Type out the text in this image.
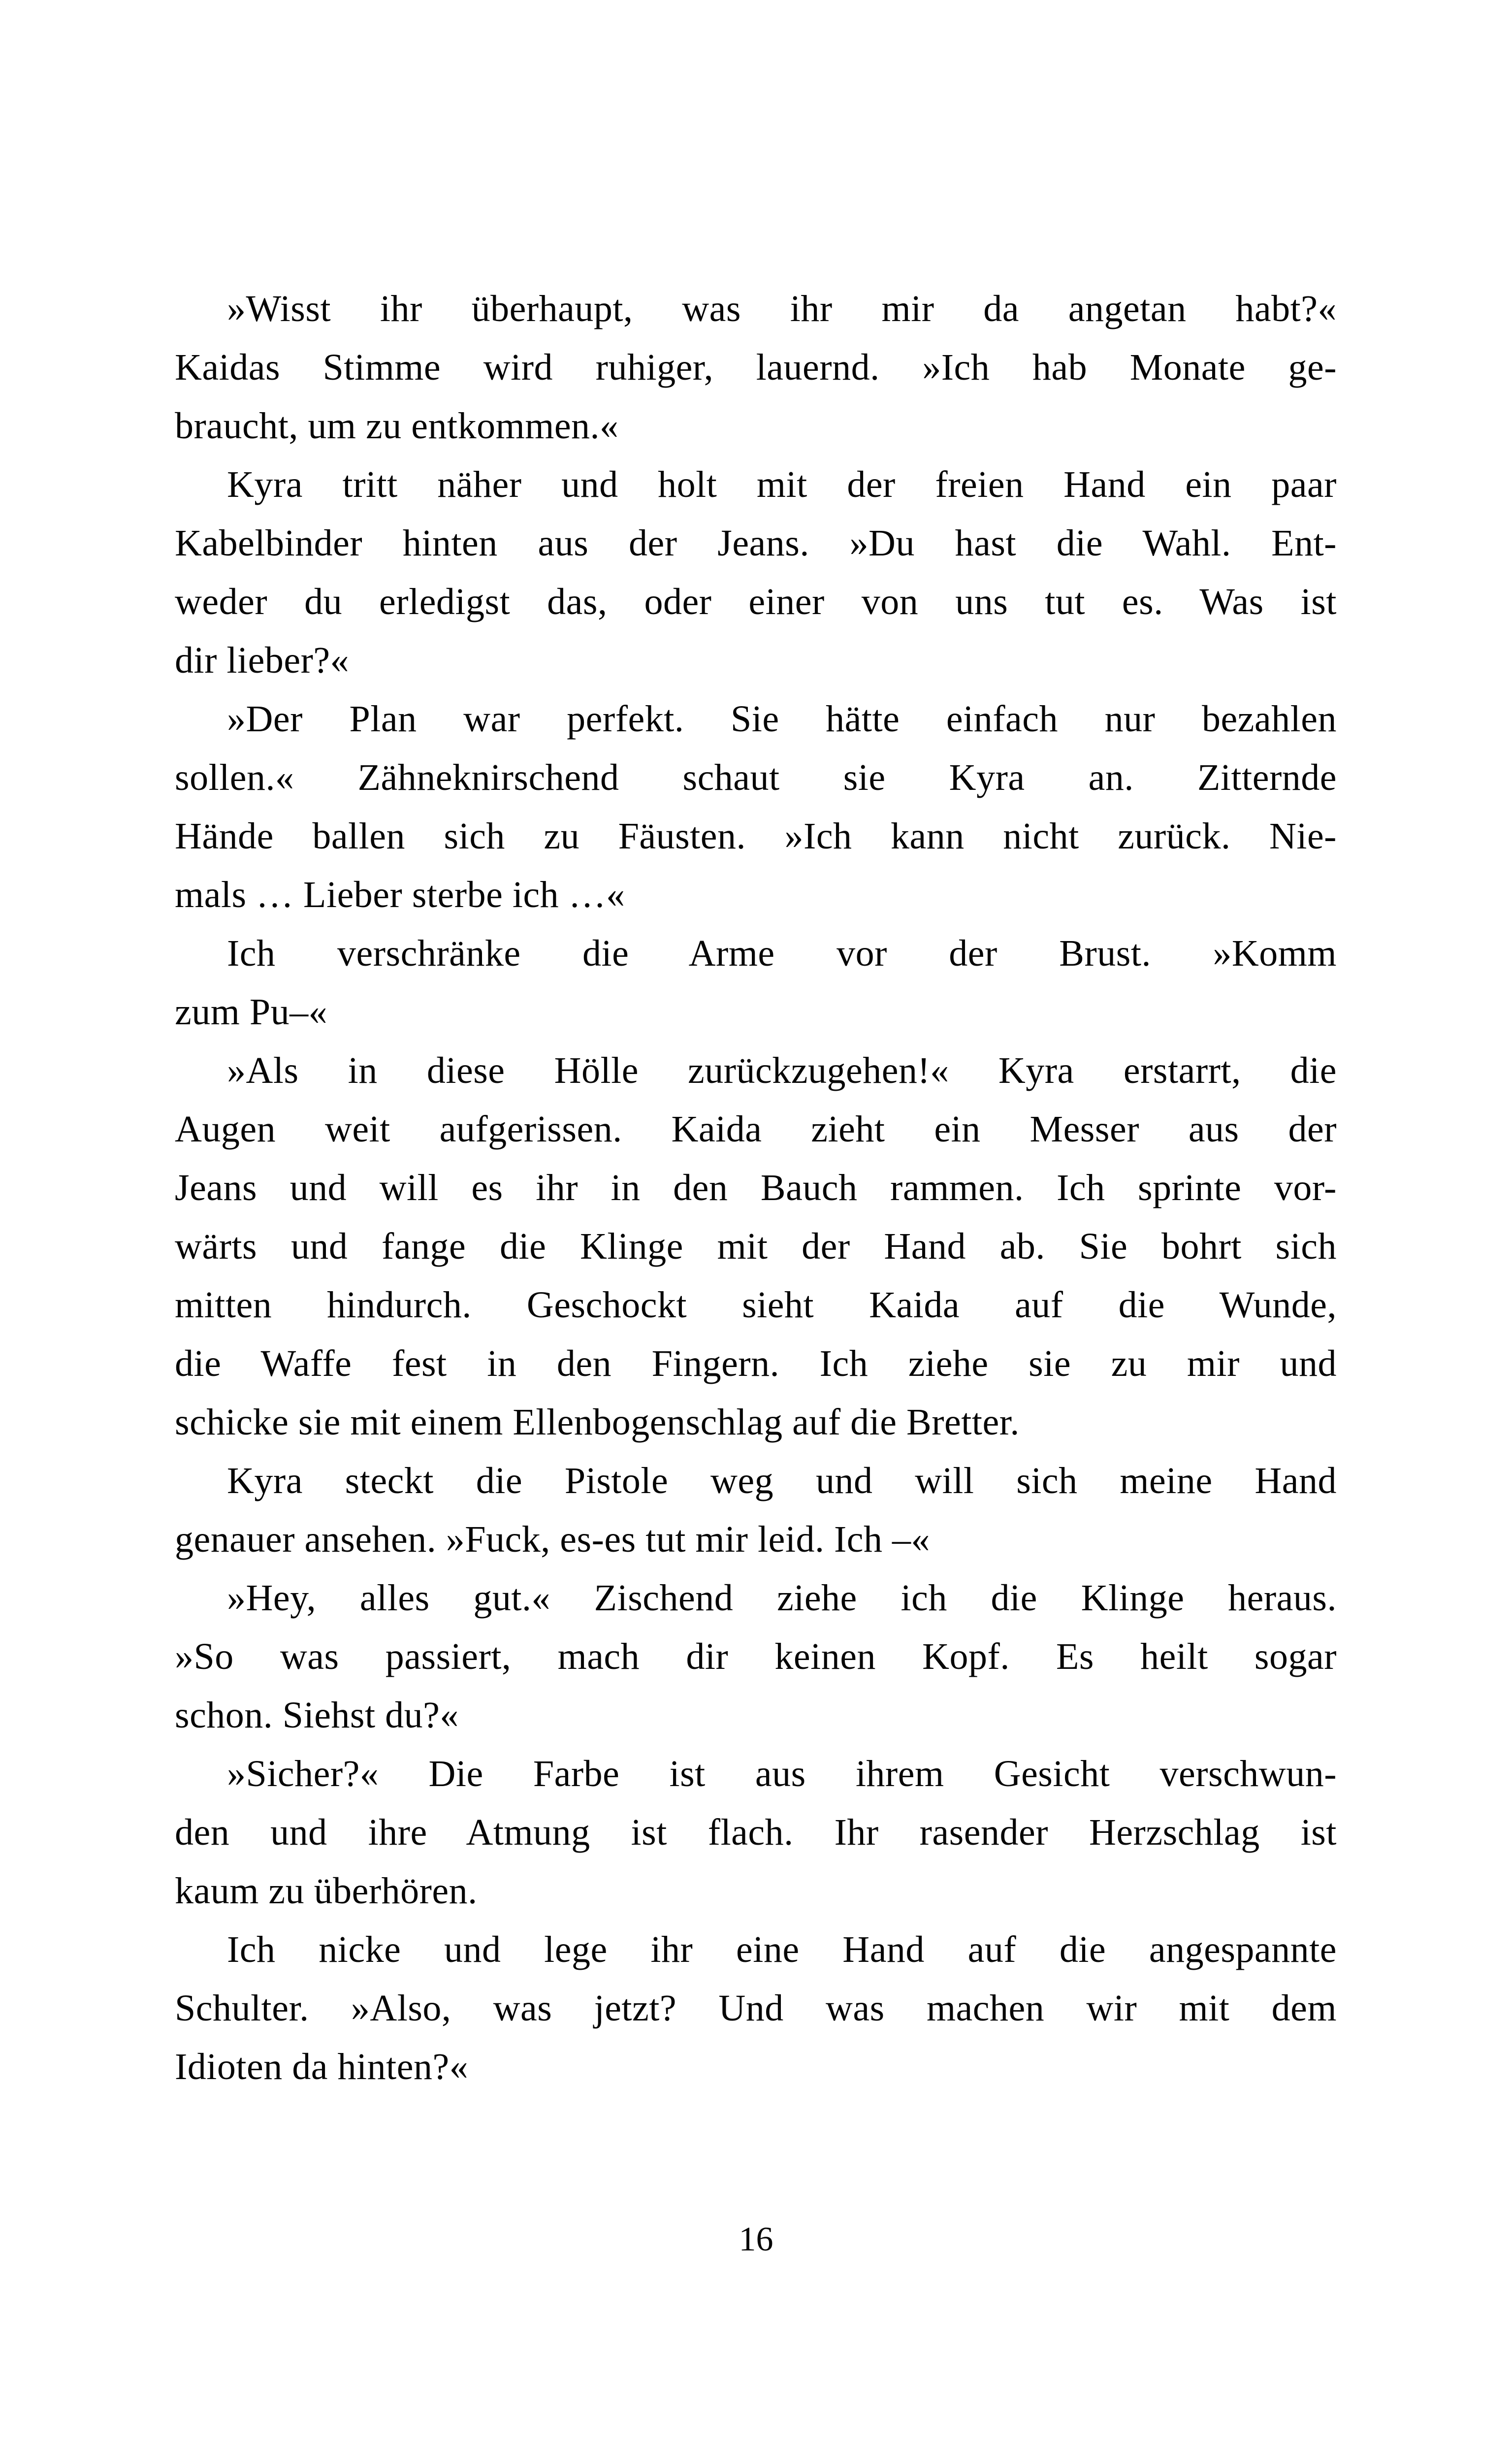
»Wisst ihr überhaupt, was ihr mir da angetan habt?«
Kaidas Stimme wird ruhiger, lauernd. »Ich hab Monate ge-
braucht, um zu entkommen.«

Kyra tritt näher und holt mit der freien Hand ein paar
Kabelbinder hinten aus der Jeans. »Du hast die Wahl. Ent-
weder du erledigst das, oder einer von uns tut es. Was ist
dir lieber?«

»Der Plan war perfekt. Sie hätte einfach nur bezahlen
sollen.« Zähneknirschend schaut sie Kyra an. Zitternde
Hände ballen sich zu Fäusten. »Ich kann nicht zurück. Nie-
mals … Lieber sterbe ich …«

Ich verschränke die Arme vor der Brust. »Komm
zum Pu–«

»Als in diese Hölle zurückzugehen!« Kyra erstarrt, die
Augen weit aufgerissen. Kaida zieht ein Messer aus der
Jeans und will es ihr in den Bauch rammen. Ich sprinte vor-
wärts und fange die Klinge mit der Hand ab. Sie bohrt sich
mitten hindurch. Geschockt sieht Kaida auf die Wunde,
die Waffe fest in den Fingern. Ich ziehe sie zu mir und
schicke sie mit einem Ellenbogenschlag auf die Bretter.

Kyra steckt die Pistole weg und will sich meine Hand
genauer ansehen. »Fuck, es-es tut mir leid. Ich –«

»Hey, alles gut.« Zischend ziehe ich die Klinge heraus.
»So was passiert, mach dir keinen Kopf. Es heilt sogar
schon. Siehst du?«

»Sicher?« Die Farbe ist aus ihrem Gesicht verschwun-
den und ihre Atmung ist flach. Ihr rasender Herzschlag ist
kaum zu überhören.

Ich nicke und lege ihr eine Hand auf die angespannte
Schulter. »Also, was jetzt? Und was machen wir mit dem
Idioten da hinten?«

16
